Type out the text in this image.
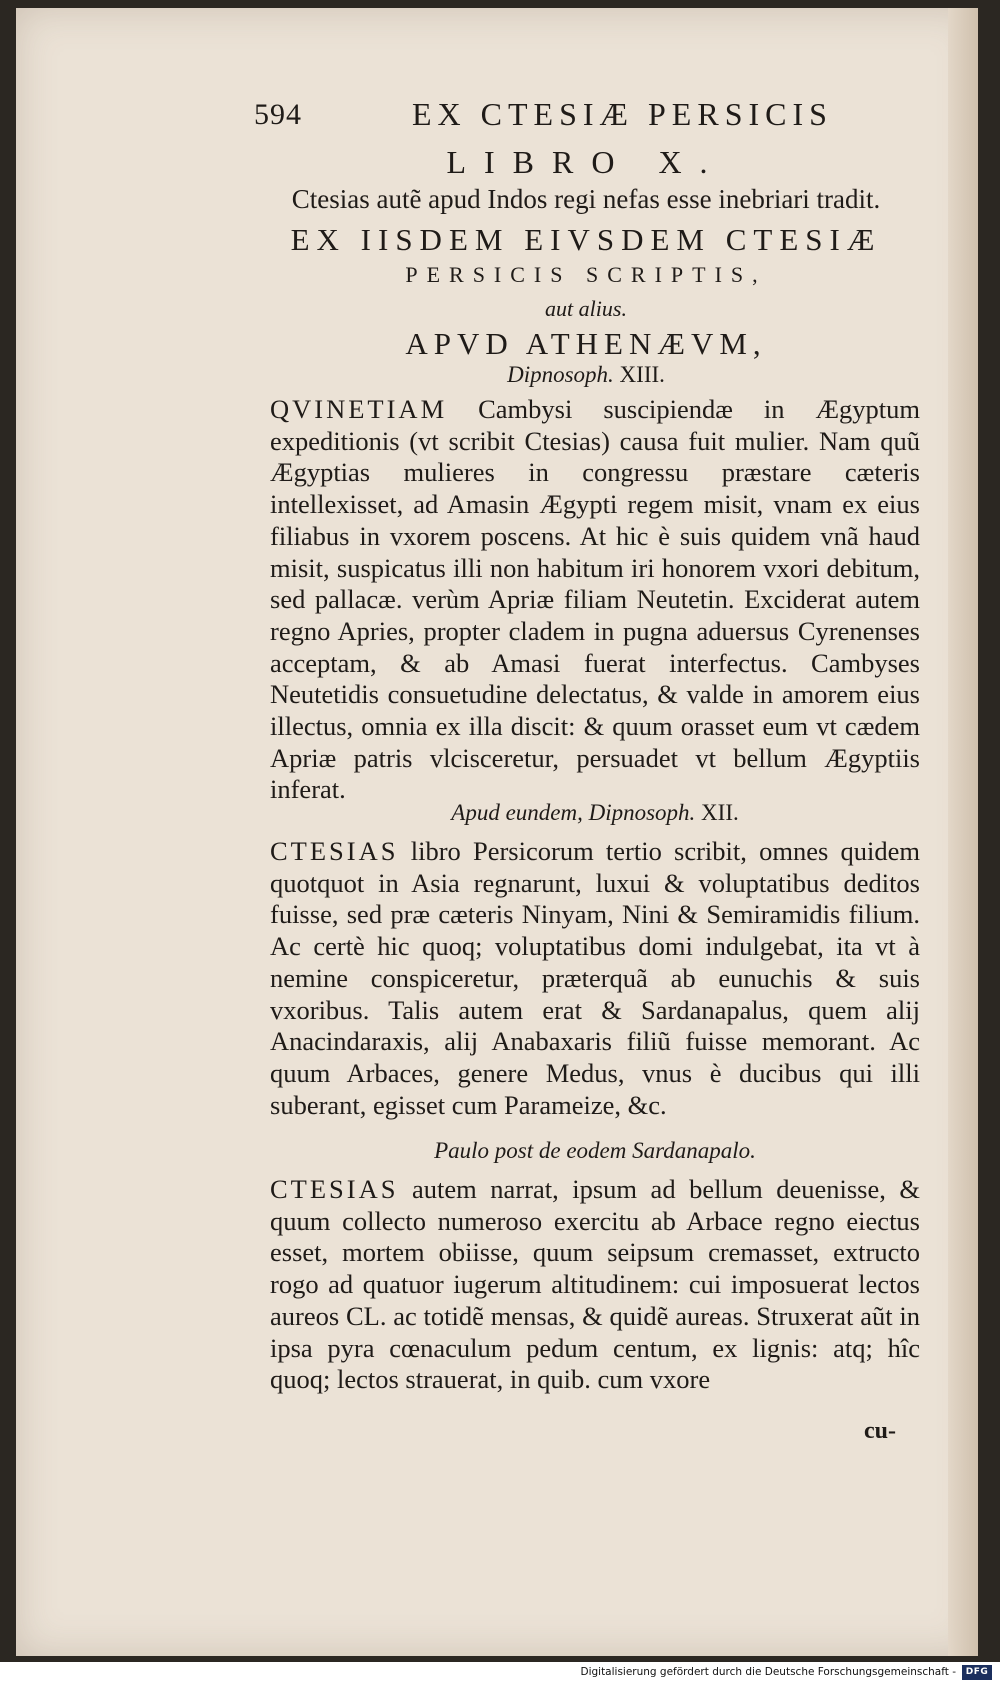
594	EX CTESIÆ PERSICIS
LIBRO X.
Ctesias autẽ apud Indos regi nefas esse inebriari tradit.
EX IISDEM EIVSDEM CTESIÆ
PERSICIS SCRIPTIS,
aut alius.
APVD ATHENÆVM,
Dipnosoph. XIII.

QVINETIAM Cambysi suscipiendæ in Ægyptum expeditionis (vt scribit Ctesias) causa fuit mulier. Nam quũ Ægyptias mulieres in congressu præstare cæteris intellexisset, ad Amasin Ægypti regem misit, vnam ex eius filiabus in vxorem poscens. At hic è suis quidem vnã haud misit, suspicatus illi non habitum iri honorem vxori debitum, sed pallacæ. verùm Apriæ filiam Neutetin. Exciderat autem regno Apries, propter cladem in pugna aduersus Cyrenenses acceptam, & ab Amasi fuerat interfectus. Cambyses Neutetidis consuetudine delectatus, & valde in amorem eius illectus, omnia ex illa discit: & quum orasset eum vt cædem Apriæ patris vlcisceretur, persuadet vt bellum Ægyptiis inferat.

Apud eundem, Dipnosoph. XII.

CTESIAS libro Persicorum tertio scribit, omnes quidem quotquot in Asia regnarunt, luxui & voluptatibus deditos fuisse, sed præ cæteris Ninyam, Nini & Semiramidis filium. Ac certè hic quoq; voluptatibus domi indulgebat, ita vt à nemine conspiceretur, præterquã ab eunuchis & suis vxoribus. Talis autem erat & Sardanapalus, quem alij Anacindaraxis, alij Anabaxaris filiũ fuisse memorant. Ac quum Arbaces, genere Medus, vnus è ducibus qui illi suberant, egisset cum Parameize, &c.

Paulo post de eodem Sardanapalo.

CTESIAS autem narrat, ipsum ad bellum deuenisse, & quum collecto numeroso exercitu ab Arbace regno eiectus esset, mortem obiisse, quum seipsum cremasset, extructo rogo ad quatuor iugerum altitudinem: cui imposuerat lectos aureos CL. ac totidẽ mensas, & quidẽ aureas. Struxerat aũt in ipsa pyra cœnaculum pedum centum, ex lignis: atq; hîc quoq; lectos strauerat, in quib. cum vxore

cu-
Digitalisierung gefördert durch die Deutsche Forschungsgemeinschaft -	DFG
